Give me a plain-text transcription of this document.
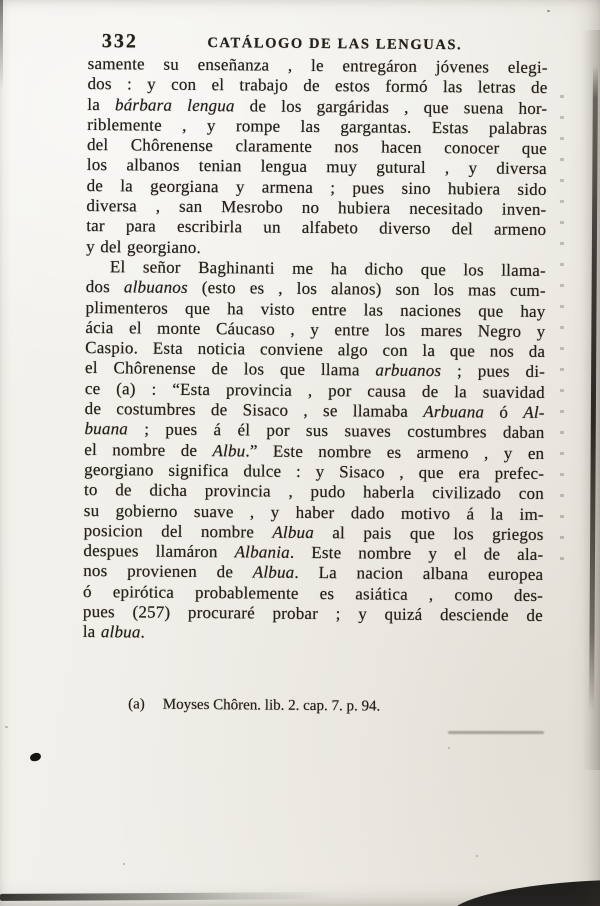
332	CATÁLOGO DE LAS LENGUAS.
samente su enseñanza , le entregáron jóvenes elegi-
dos : y con el trabajo de estos formó las letras de
la bárbara lengua de los gargáridas , que suena hor-
riblemente , y rompe las gargantas. Estas palabras
del Chôrenense claramente nos hacen conocer que
los albanos tenian lengua muy gutural , y diversa
de la georgiana y armena ; pues sino hubiera sido
diversa , san Mesrobo no hubiera necesitado inven-
tar para escribirla un alfabeto diverso del armeno
y del georgiano.
El señor Baghinanti me ha dicho que los llama-
dos albuanos (esto es , los alanos) son los mas cum-
plimenteros que ha visto entre las naciones que hay
ácia el monte Cáucaso , y entre los mares Negro y
Caspio. Esta noticia conviene algo con la que nos da
el Chôrenense de los que llama arbuanos ; pues di-
ce (a) : “Esta provincia , por causa de la suavidad
de costumbres de Sisaco , se llamaba Arbuana ó Al-
buana ; pues á él por sus suaves costumbres daban
el nombre de Albu.” Este nombre es armeno , y en
georgiano significa dulce : y Sisaco , que era prefec-
to de dicha provincia , pudo haberla civilizado con
su gobierno suave , y haber dado motivo á la im-
posicion del nombre Albua al pais que los griegos
despues llamáron Albania. Este nombre y el de ala-
nos provienen de Albua. La nacion albana europea
ó epirótica probablemente es asiática , como des-
pues (257) procuraré probar ; y quizá desciende de
la albua.
(a) Moyses Chôren. lib. 2. cap. 7. p. 94.
